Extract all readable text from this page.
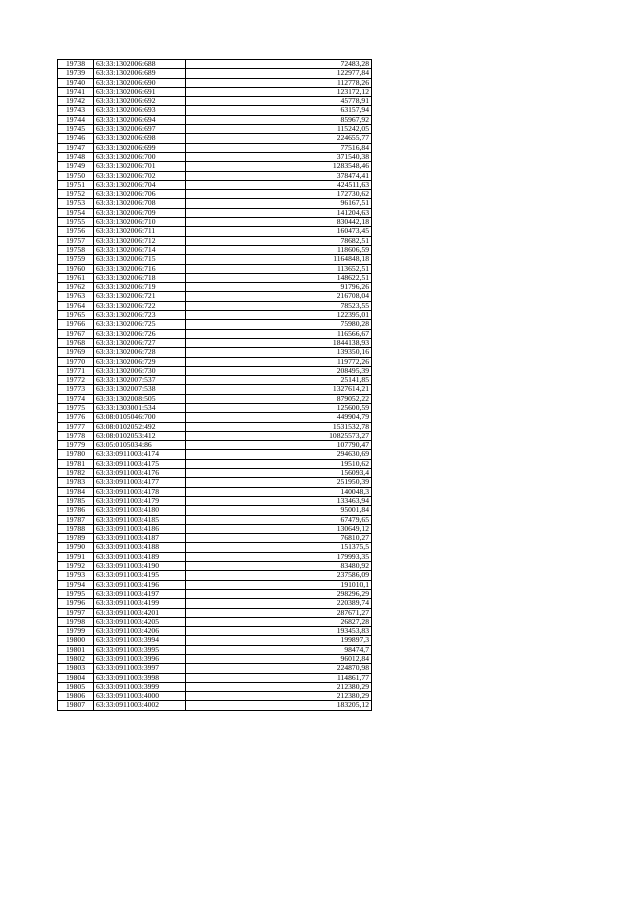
19738	63:33:1302006:688	72483,28
19739	63:33:1302006:689	122977,84
19740	63:33:1302006:690	112778,26
19741	63:33:1302006:691	123172,12
19742	63:33:1302006:692	45778,91
19743	63:33:1302006:693	63157,94
19744	63:33:1302006:694	85967,92
19745	63:33:1302006:697	115242,05
19746	63:33:1302006:698	224655,77
19747	63:33:1302006:699	77516,84
19748	63:33:1302006:700	371540,38
19749	63:33:1302006:701	1283548,46
19750	63:33:1302006:702	378474,41
19751	63:33:1302006:704	424511,63
19752	63:33:1302006:706	172730,62
19753	63:33:1302006:708	96167,51
19754	63:33:1302006:709	141204,63
19755	63:33:1302006:710	830442,18
19756	63:33:1302006:711	160473,45
19757	63:33:1302006:712	78682,51
19758	63:33:1302006:714	118606,59
19759	63:33:1302006:715	1164848,18
19760	63:33:1302006:716	113652,51
19761	63:33:1302006:718	148622,51
19762	63:33:1302006:719	91796,26
19763	63:33:1302006:721	216708,04
19764	63:33:1302006:722	78523,55
19765	63:33:1302006:723	122395,01
19766	63:33:1302006:725	75980,28
19767	63:33:1302006:726	116566,67
19768	63:33:1302006:727	1844138,93
19769	63:33:1302006:728	139350,16
19770	63:33:1302006:729	119772,26
19771	63:33:1302006:730	208495,39
19772	63:33:1302007:537	25141,85
19773	63:33:1302007:538	1327614,21
19774	63:33:1302008:505	879052,22
19775	63:33:1303001:534	125600,59
19776	63:08:0105046:700	449904,79
19777	63:08:0102052:492	1531532,78
19778	63:08:0102053:412	10825573,27
19779	63:05:0105034:86	107790,47
19780	63:33:0911003:4174	294630,69
19781	63:33:0911003:4175	19510,62
19782	63:33:0911003:4176	156093,4
19783	63:33:0911003:4177	251950,39
19784	63:33:0911003:4178	140048,3
19785	63:33:0911003:4179	133463,94
19786	63:33:0911003:4180	95001,84
19787	63:33:0911003:4185	67479,65
19788	63:33:0911003:4186	130649,12
19789	63:33:0911003:4187	76810,27
19790	63:33:0911003:4188	151375,5
19791	63:33:0911003:4189	179993,35
19792	63:33:0911003:4190	83480,92
19793	63:33:0911003:4195	237586,09
19794	63:33:0911003:4196	191010,1
19795	63:33:0911003:4197	298296,29
19796	63:33:0911003:4199	220389,74
19797	63:33:0911003:4201	287671,27
19798	63:33:0911003:4205	26827,28
19799	63:33:0911003:4206	193453,83
19800	63:33:0911003:3994	199897,3
19801	63:33:0911003:3995	98474,7
19802	63:33:0911003:3996	96012,84
19803	63:33:0911003:3997	224870,98
19804	63:33:0911003:3998	114861,77
19805	63:33:0911003:3999	212380,29
19806	63:33:0911003:4000	212380,29
19807	63:33:0911003:4002	183205,12
